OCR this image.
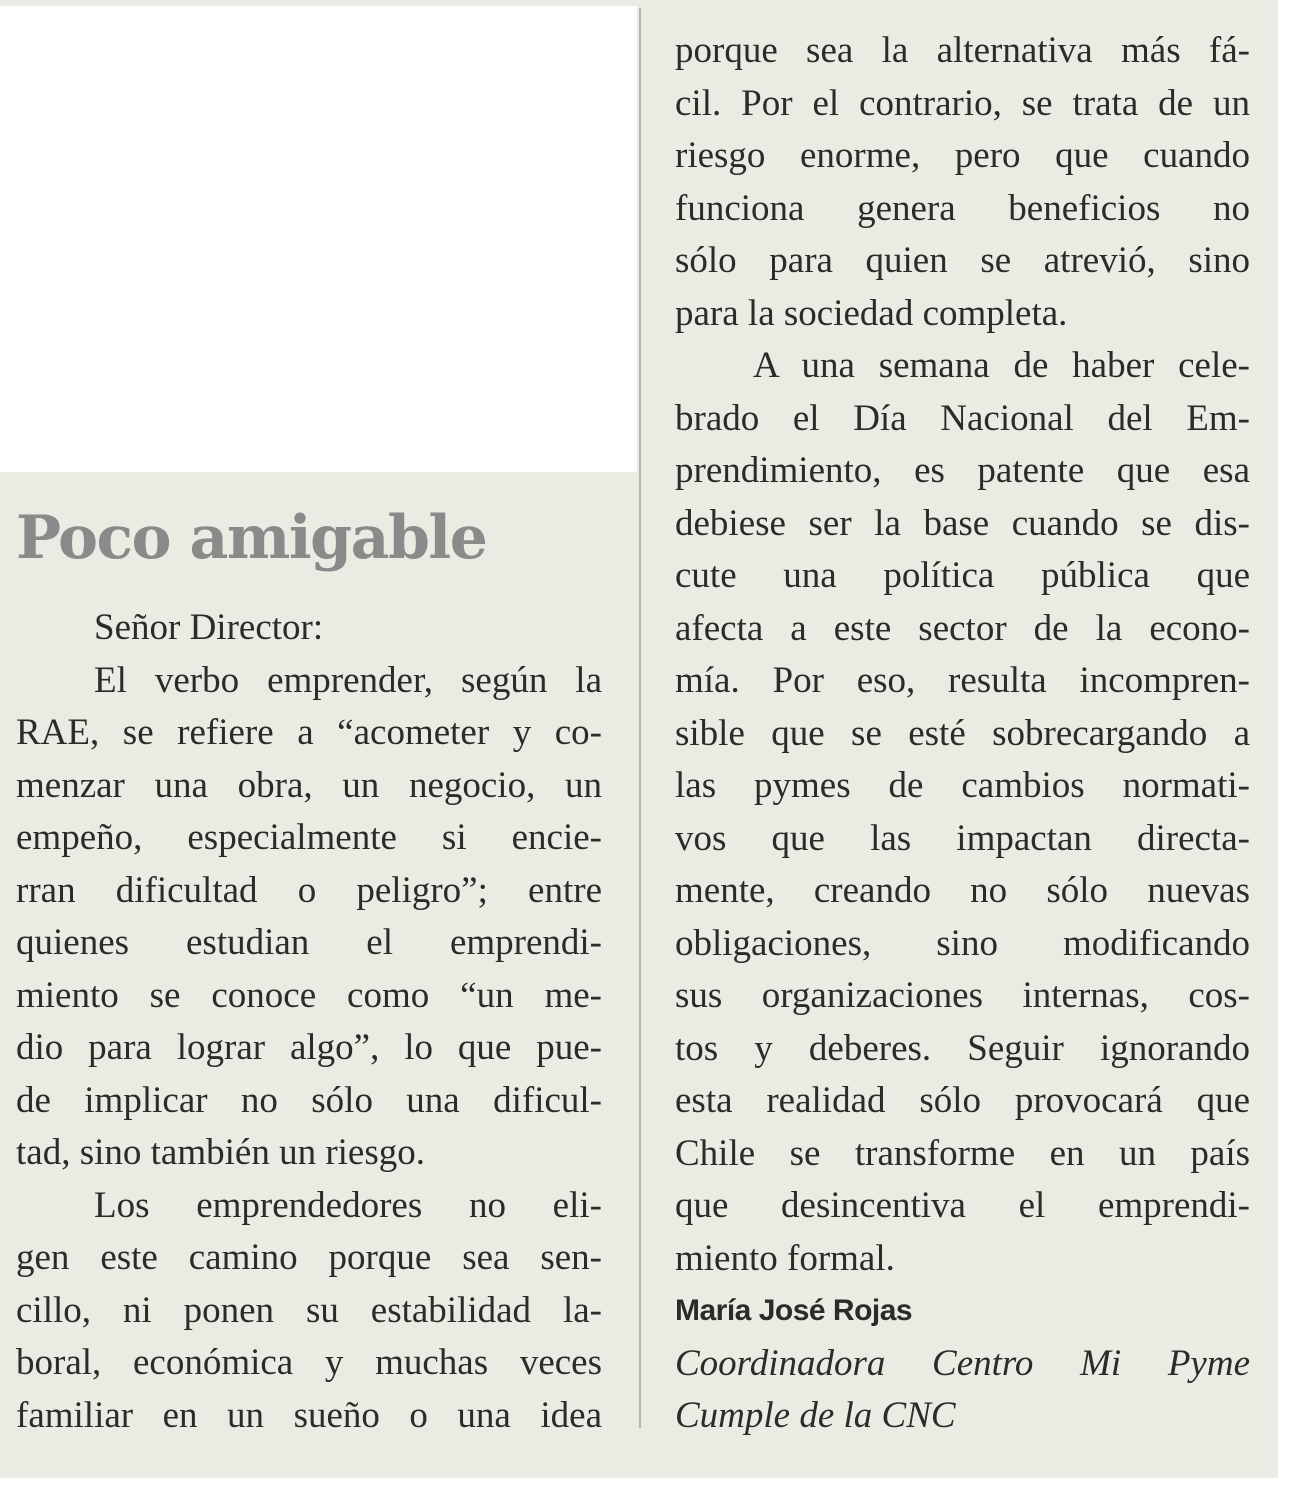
Poco amigable
Señor Director:
El verbo emprender, según la
RAE, se refiere a “acometer y co-
menzar una obra, un negocio, un
empeño, especialmente si encie-
rran dificultad o peligro”; entre
quienes estudian el emprendi-
miento se conoce como “un me-
dio para lograr algo”, lo que pue-
de implicar no sólo una dificul-
tad, sino también un riesgo.
Los emprendedores no eli-
gen este camino porque sea sen-
cillo, ni ponen su estabilidad la-
boral, económica y muchas veces
familiar en un sueño o una idea
porque sea la alternativa más fá-
cil. Por el contrario, se trata de un
riesgo enorme, pero que cuando
funciona genera beneficios no
sólo para quien se atrevió, sino
para la sociedad completa.
A una semana de haber cele-
brado el Día Nacional del Em-
prendimiento, es patente que esa
debiese ser la base cuando se dis-
cute una política pública que
afecta a este sector de la econo-
mía. Por eso, resulta incompren-
sible que se esté sobrecargando a
las pymes de cambios normati-
vos que las impactan directa-
mente, creando no sólo nuevas
obligaciones, sino modificando
sus organizaciones internas, cos-
tos y deberes. Seguir ignorando
esta realidad sólo provocará que
Chile se transforme en un país
que desincentiva el emprendi-
miento formal.
María José Rojas
Coordinadora Centro Mi Pyme
Cumple de la CNC
